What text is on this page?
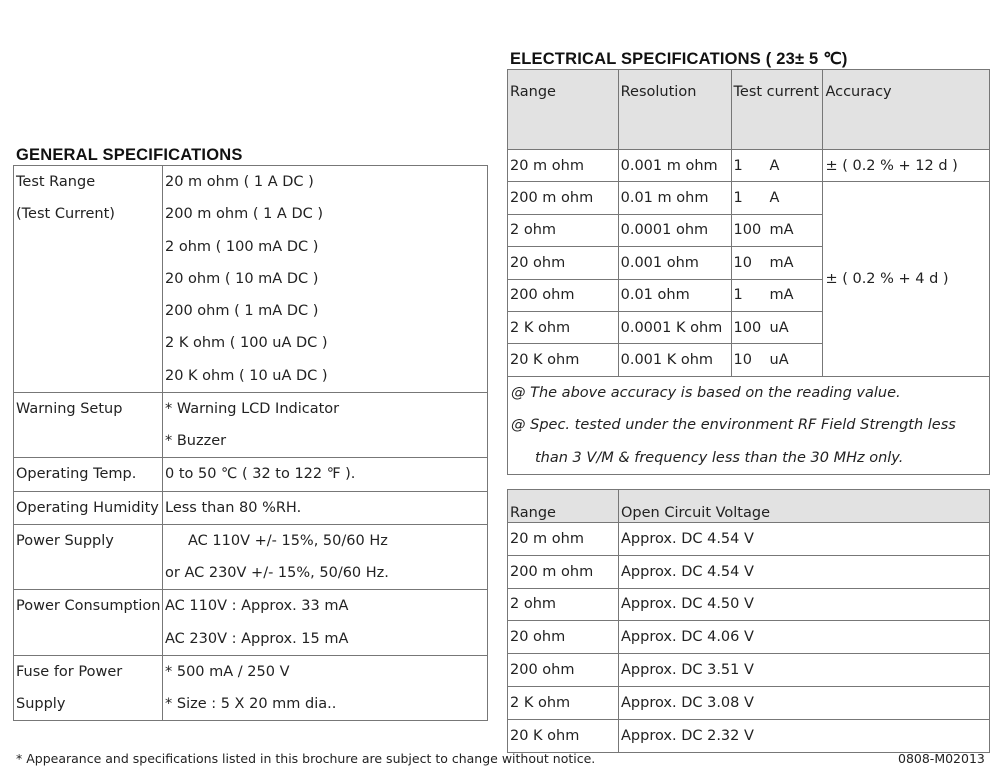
GENERAL SPECIFICATIONS
Test Range	20 m ohm ( 1 A DC )
(Test Current)	200 m ohm ( 1 A DC )
	2 ohm ( 100 mA DC )
	20 ohm ( 10 mA DC )
	200 ohm ( 1 mA DC )
	2 K ohm ( 100 uA DC )
	20 K ohm ( 10 uA DC )
Warning Setup	* Warning LCD Indicator
	* Buzzer
Operating Temp.	0 to 50 ℃ ( 32 to 122 ℉ ).
Operating Humidity	Less than 80 %RH.
Power Supply	AC 110V +/- 15%, 50/60 Hz
	or AC 230V +/- 15%, 50/60 Hz.
Power Consumption	AC 110V : Approx. 33 mA
	AC 230V : Approx. 15 mA
Fuse for Power	* 500 mA / 250 V
Supply	* Size : 5 X 20 mm dia..
ELECTRICAL SPECIFICATIONS ( 23± 5 ℃)
Range	Resolution	Test current	Accuracy
20 m ohm	0.001 m ohm	1 A	± ( 0.2 % + 12 d )
200 m ohm	0.01 m ohm	1 A	± ( 0.2 % + 4 d )
2 ohm	0.0001 ohm	100 mA	
20 ohm	0.001 ohm	10 mA	
200 ohm	0.01 ohm	1 mA	
2 K ohm	0.0001 K ohm	100 uA	
20 K ohm	0.001 K ohm	10 uA	
@ The above accuracy is based on the reading value.			
@ Spec. tested under the environment RF Field Strength less			
than 3 V/M & frequency less than the 30 MHz only.			
Range	Open Circuit Voltage
20 m ohm	Approx. DC 4.54 V
200 m ohm	Approx. DC 4.54 V
2 ohm	Approx. DC 4.50 V
20 ohm	Approx. DC 4.06 V
200 ohm	Approx. DC 3.51 V
2 K ohm	Approx. DC 3.08 V
20 K ohm	Approx. DC 2.32 V
* Appearance and specifications listed in this brochure are subject to change without notice.	0808-M02013
